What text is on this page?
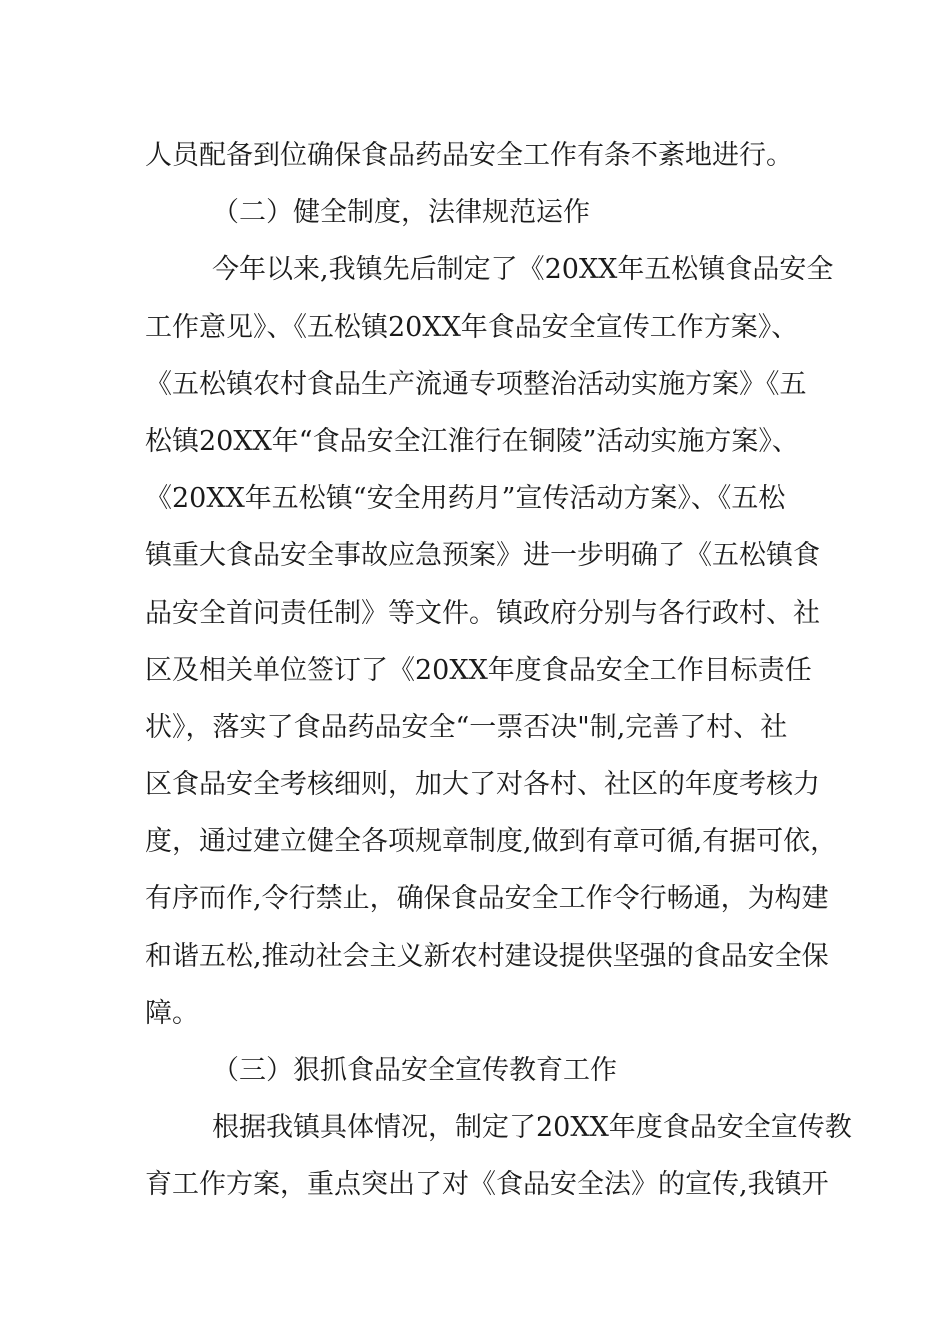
人员配备到位确保食品药品安全工作有条不紊地进行。
（二）健全制度，法律规范运作
今年以来,我镇先后制定了《20XX年五松镇食品安全
工作意见》、《五松镇20XX年食品安全宣传工作方案》、
《五松镇农村食品生产流通专项整治活动实施方案》《五
松镇20XX年“食品安全江淮行在铜陵”活动实施方案》、
《20XX年五松镇“安全用药月”宣传活动方案》、《五松
镇重大食品安全事故应急预案》进一步明确了《五松镇食
品安全首问责任制》等文件。镇政府分别与各行政村、社
区及相关单位签订了《20XX年度食品安全工作目标责任
状》，落实了食品药品安全“一票否决"制,完善了村、社
区食品安全考核细则，加大了对各村、社区的年度考核力
度，通过建立健全各项规章制度,做到有章可循,有据可依，
有序而作,令行禁止，确保食品安全工作令行畅通，为构建
和谐五松,推动社会主义新农村建设提供坚强的食品安全保
障。
（三）狠抓食品安全宣传教育工作
根据我镇具体情况，制定了20XX年度食品安全宣传教
育工作方案，重点突出了对《食品安全法》的宣传,我镇开
